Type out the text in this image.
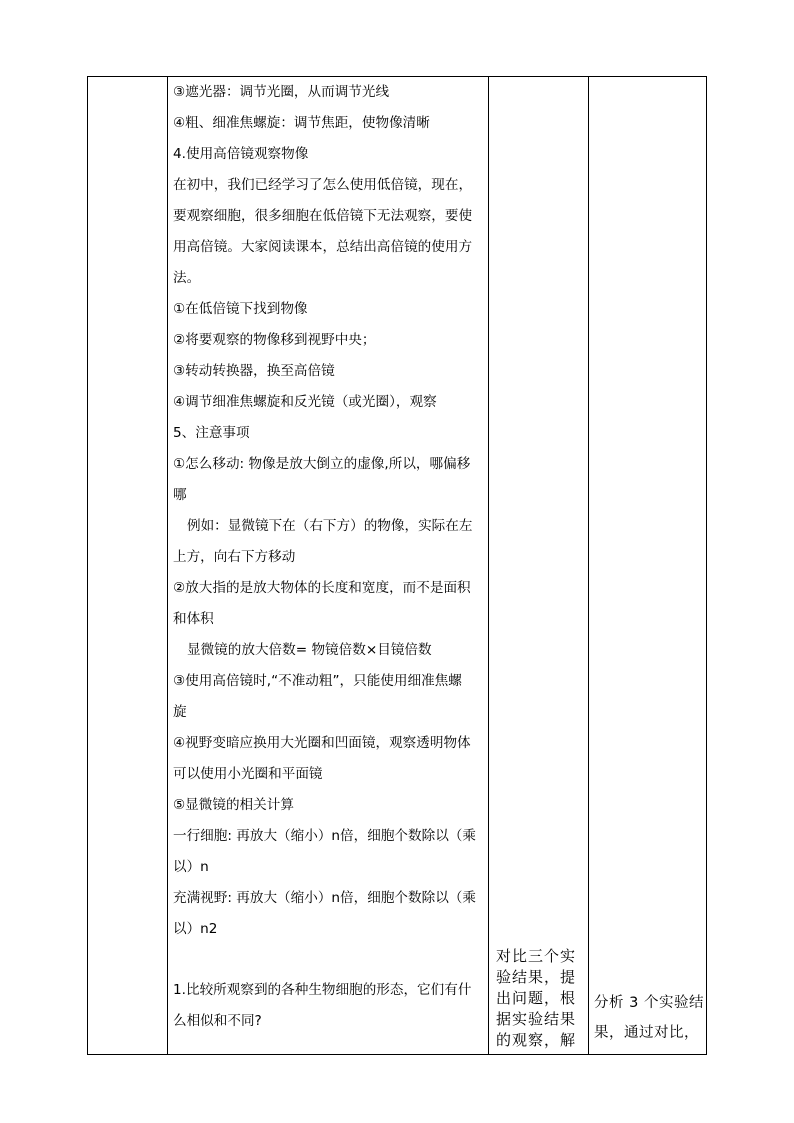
③遮光器：调节光圈，从而调节光线
④粗、细准焦螺旋：调节焦距，使物像清晰
4.使用高倍镜观察物像
在初中，我们已经学习了怎么使用低倍镜，现在，
要观察细胞，很多细胞在低倍镜下无法观察，要使
用高倍镜。大家阅读课本，总结出高倍镜的使用方
法。
①在低倍镜下找到物像
②将要观察的物像移到视野中央；
③转动转换器，换至高倍镜
④调节细准焦螺旋和反光镜（或光圈），观察
5、注意事项
①怎么移动: 物像是放大倒立的虚像,所以，哪偏移
哪
例如：显微镜下在（右下方）的物像，实际在左
上方，向右下方移动
②放大指的是放大物体的长度和宽度，而不是面积
和体积
显微镜的放大倍数= 物镜倍数×目镜倍数
③使用高倍镜时,“不准动粗”，只能使用细准焦螺
旋
④视野变暗应换用大光圈和凹面镜，观察透明物体
可以使用小光圈和平面镜
⑤显微镜的相关计算
一行细胞: 再放大（缩小）n倍，细胞个数除以（乘
以）n
充满视野: 再放大（缩小）n倍，细胞个数除以（乘
以）n2
1.比较所观察到的各种生物细胞的形态，它们有什
么相似和不同?
对比三个实
验结果，提
出问题，根
据实验结果
的观察，解
分析 3 个实验结
果，通过对比，
